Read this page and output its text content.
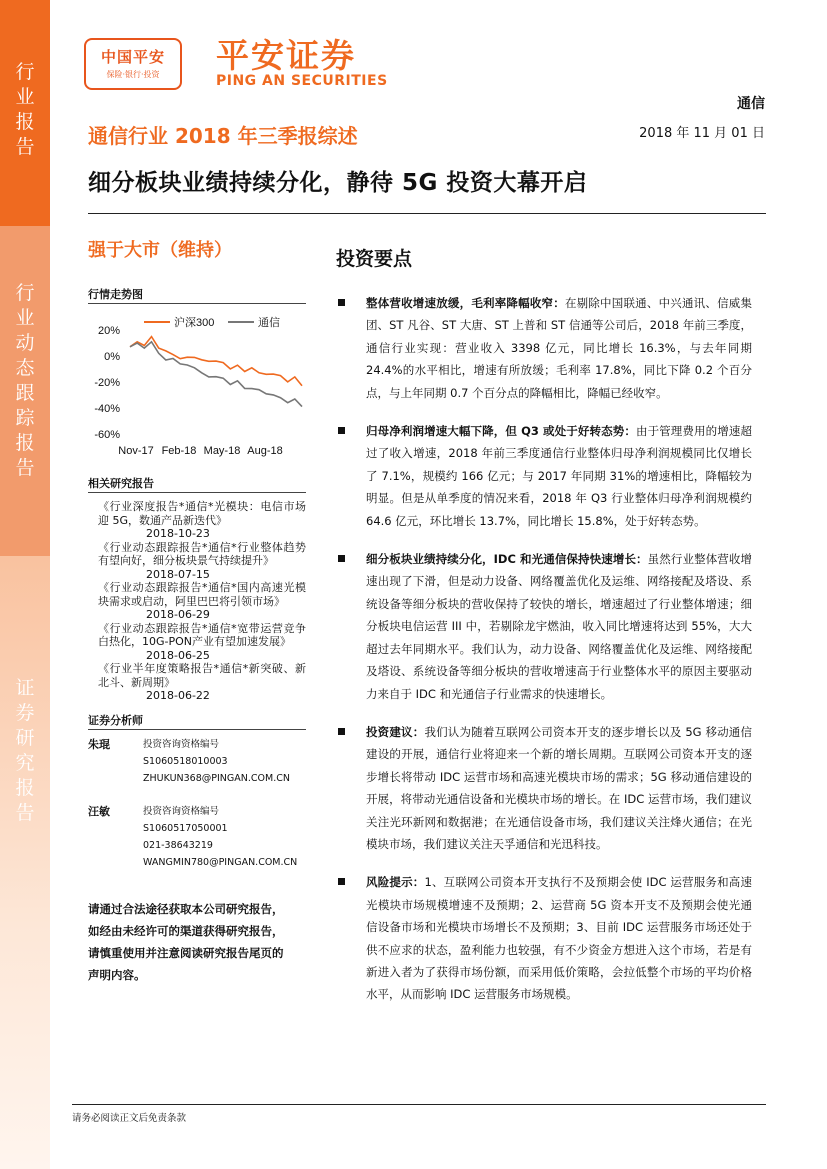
行
业
报
告
行
业
动
态
跟
踪
报
告
证
券
研
究
报
告
中国平安
保险·银行·投资	平安证券
PING AN SECURITIES
通信
通信行业 2018 年三季报综述	2018 年 11 月 01 日
细分板块业绩持续分化，静待 5G 投资大幕开启
强于大市（维持）	投资要点
行情走势图
20%
0%
-20%
-40%
-60%
Nov-17 Feb-18 May-18 Aug-18
沪深300	通信
相关研究报告
《行业深度报告*通信*光模块：电信市场迎 5G，数通产品新迭代》
2018-10-23
《行业动态跟踪报告*通信*行业整体趋势有望向好，细分板块景气持续提升》
2018-07-15
《行业动态跟踪报告*通信*国内高速光模块需求或启动，阿里巴巴将引领市场》
2018-06-29
《行业动态跟踪报告*通信*宽带运营竞争白热化，10G-PON产业有望加速发展》
2018-06-25
《行业半年度策略报告*通信*新突破、新北斗、新周期》
2018-06-22
证券分析师
朱琨	投资咨询资格编号
S1060518010003
ZHUKUN368@PINGAN.COM.CN
汪敏	投资咨询资格编号
S1060517050001
021-38643219
WANGMIN780@PINGAN.COM.CN
请通过合法途径获取本公司研究报告，如经由未经许可的渠道获得研究报告，请慎重使用并注意阅读研究报告尾页的声明内容。
整体营收增速放缓，毛利率降幅收窄：在剔除中国联通、中兴通讯、信威集团、ST 凡谷、ST 大唐、ST 上普和 ST 信通等公司后，2018 年前三季度，通信行业实现：营业收入 3398 亿元，同比增长 16.3%，与去年同期 24.4%的水平相比，增速有所放缓；毛利率 17.8%，同比下降 0.2 个百分点，与上年同期 0.7 个百分点的降幅相比，降幅已经收窄。
归母净利润增速大幅下降，但 Q3 或处于好转态势：由于管理费用的增速超过了收入增速，2018 年前三季度通信行业整体归母净利润规模同比仅增长了 7.1%，规模约 166 亿元；与 2017 年同期 31%的增速相比，降幅较为明显。但是从单季度的情况来看，2018 年 Q3 行业整体归母净利润规模约 64.6 亿元，环比增长 13.7%，同比增长 15.8%，处于好转态势。
细分板块业绩持续分化，IDC 和光通信保持快速增长：虽然行业整体营收增速出现了下滑，但是动力设备、网络覆盖优化及运维、网络接配及塔设、系统设备等细分板块的营收保持了较快的增长，增速超过了行业整体增速；细分板块电信运营 III 中，若剔除龙宇燃油，收入同比增速将达到 55%，大大超过去年同期水平。我们认为，动力设备、网络覆盖优化及运维、网络接配及塔设、系统设备等细分板块的营收增速高于行业整体水平的原因主要驱动力来自于 IDC 和光通信子行业需求的快速增长。
投资建议：我们认为随着互联网公司资本开支的逐步增长以及 5G 移动通信建设的开展，通信行业将迎来一个新的增长周期。互联网公司资本开支的逐步增长将带动 IDC 运营市场和高速光模块市场的需求；5G 移动通信建设的开展，将带动光通信设备和光模块市场的增长。在 IDC 运营市场，我们建议关注光环新网和数据港；在光通信设备市场，我们建议关注烽火通信；在光模块市场，我们建议关注天孚通信和光迅科技。
风险提示：1、互联网公司资本开支执行不及预期会使 IDC 运营服务和高速光模块市场规模增速不及预期；2、运营商 5G 资本开支不及预期会使光通信设备市场和光模块市场增长不及预期；3、目前 IDC 运营服务市场还处于供不应求的状态，盈利能力也较强，有不少资金方想进入这个市场，若是有新进入者为了获得市场份额，而采用低价策略，会拉低整个市场的平均价格水平，从而影响 IDC 运营服务市场规模。
请务必阅读正文后免责条款
